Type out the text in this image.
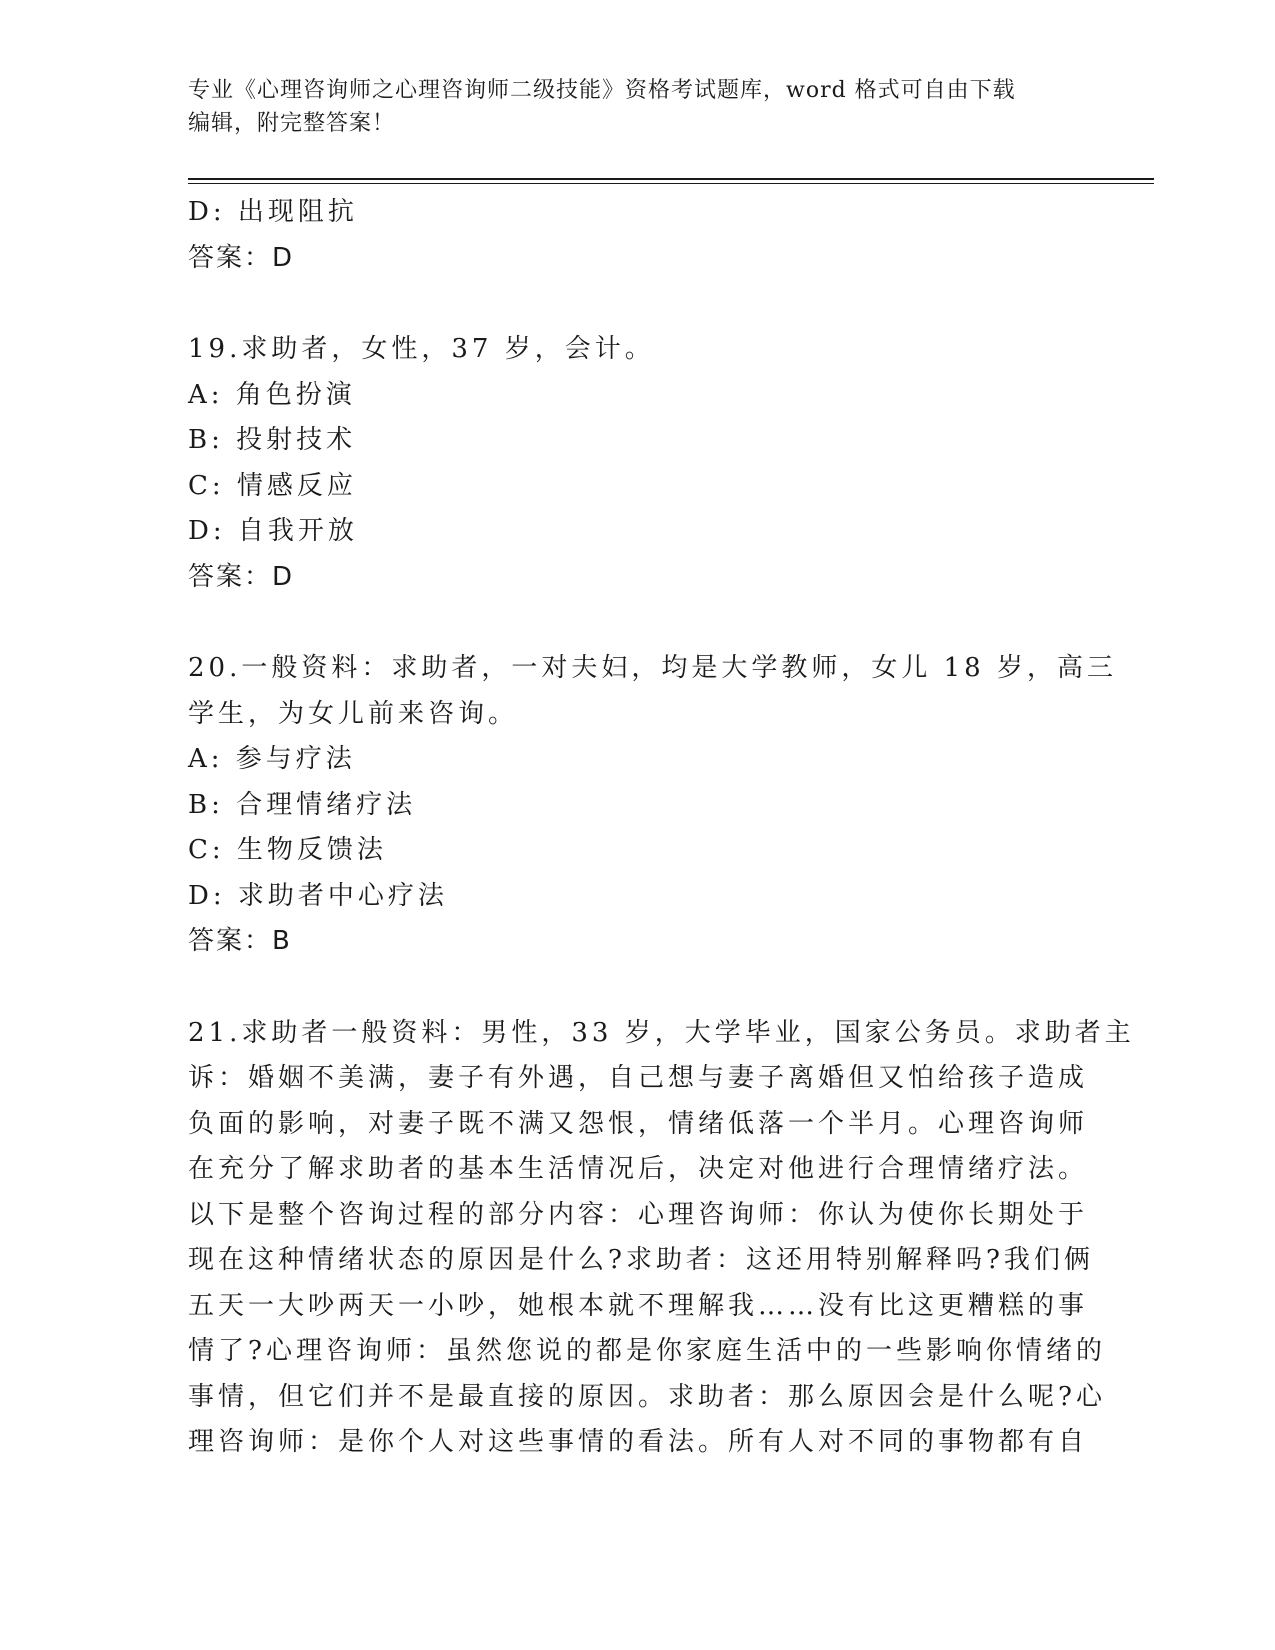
专业《心理咨询师之心理咨询师二级技能》资格考试题库，word 格式可自由下载
编辑，附完整答案！
D: 出现阻抗
答案：D
19.求助者，女性，37 岁，会计。
A: 角色扮演
B: 投射技术
C: 情感反应
D: 自我开放
答案：D
20.一般资料：求助者，一对夫妇，均是大学教师，女儿 18 岁，高三
学生，为女儿前来咨询。
A: 参与疗法
B: 合理情绪疗法
C: 生物反馈法
D: 求助者中心疗法
答案：B
21.求助者一般资料：男性，33 岁，大学毕业，国家公务员。求助者主
诉：婚姻不美满，妻子有外遇，自己想与妻子离婚但又怕给孩子造成
负面的影响，对妻子既不满又怨恨，情绪低落一个半月。心理咨询师
在充分了解求助者的基本生活情况后，决定对他进行合理情绪疗法。
以下是整个咨询过程的部分内容：心理咨询师：你认为使你长期处于
现在这种情绪状态的原因是什么?求助者：这还用特别解释吗?我们俩
五天一大吵两天一小吵，她根本就不理解我……没有比这更糟糕的事
情了?心理咨询师：虽然您说的都是你家庭生活中的一些影响你情绪的
事情，但它们并不是最直接的原因。求助者：那么原因会是什么呢?心
理咨询师：是你个人对这些事情的看法。所有人对不同的事物都有自
